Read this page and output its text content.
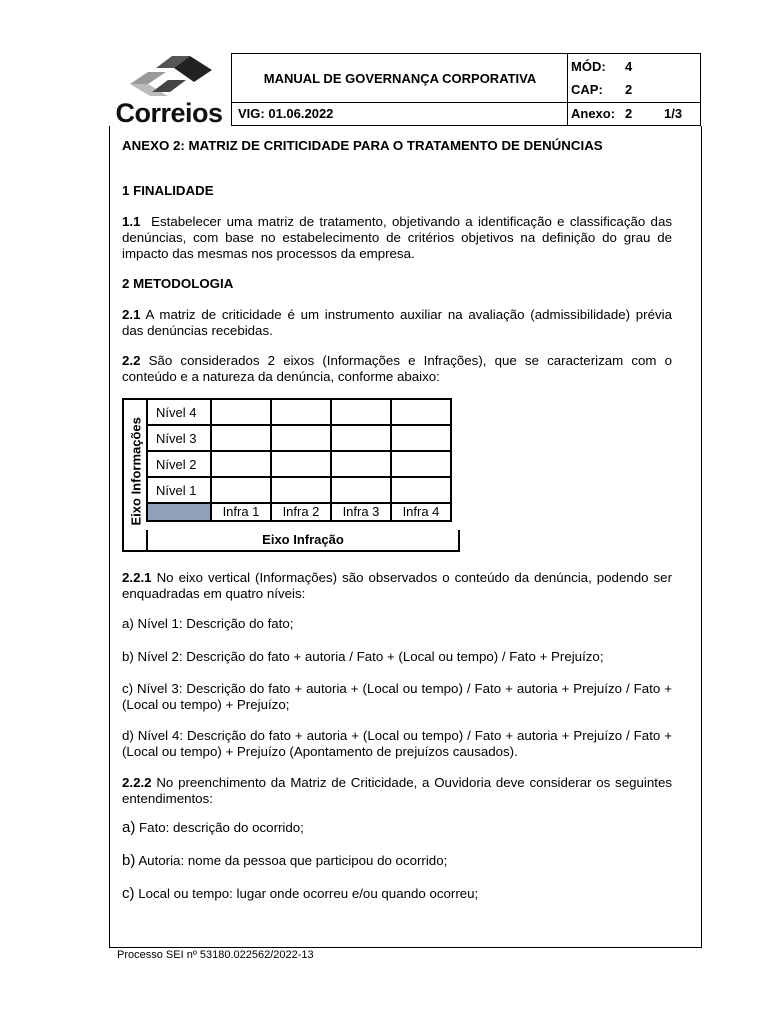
Correios
MANUAL DE GOVERNANÇA CORPORATIVA
VIG: 01.06.2022
MÓD: 4
CAP: 2
Anexo: 2 1/3
ANEXO 2: MATRIZ DE CRITICIDADE PARA O TRATAMENTO DE DENÚNCIAS
1 FINALIDADE
1.1 Estabelecer uma matriz de tratamento, objetivando a identificação e classificação das denúncias, com base no estabelecimento de critérios objetivos na definição do grau de impacto das mesmas nos processos da empresa.
2 METODOLOGIA
2.1 A matriz de criticidade é um instrumento auxiliar na avaliação (admissibilidade) prévia das denúncias recebidas.
2.2 São considerados 2 eixos (Informações e Infrações), que se caracterizam com o conteúdo e a natureza da denúncia, conforme abaixo:
Eixo Informações
Nível 4				
Nível 3				
Nível 2				
Nível 1				
	Infra 1	Infra 2	Infra 3	Infra 4
Eixo Infração
2.2.1 No eixo vertical (Informações) são observados o conteúdo da denúncia, podendo ser enquadradas em quatro níveis:
a) Nível 1: Descrição do fato;
b) Nível 2: Descrição do fato + autoria / Fato + (Local ou tempo) / Fato + Prejuízo;
c) Nível 3: Descrição do fato + autoria + (Local ou tempo) / Fato + autoria + Prejuízo / Fato + (Local ou tempo) + Prejuízo;
d) Nível 4: Descrição do fato + autoria + (Local ou tempo) / Fato + autoria + Prejuízo / Fato + (Local ou tempo) + Prejuízo (Apontamento de prejuízos causados).
2.2.2 No preenchimento da Matriz de Criticidade, a Ouvidoria deve considerar os seguintes entendimentos:
a) Fato: descrição do ocorrido;
b) Autoria: nome da pessoa que participou do ocorrido;
c) Local ou tempo: lugar onde ocorreu e/ou quando ocorreu;
Processo SEI nº 53180.022562/2022-13
